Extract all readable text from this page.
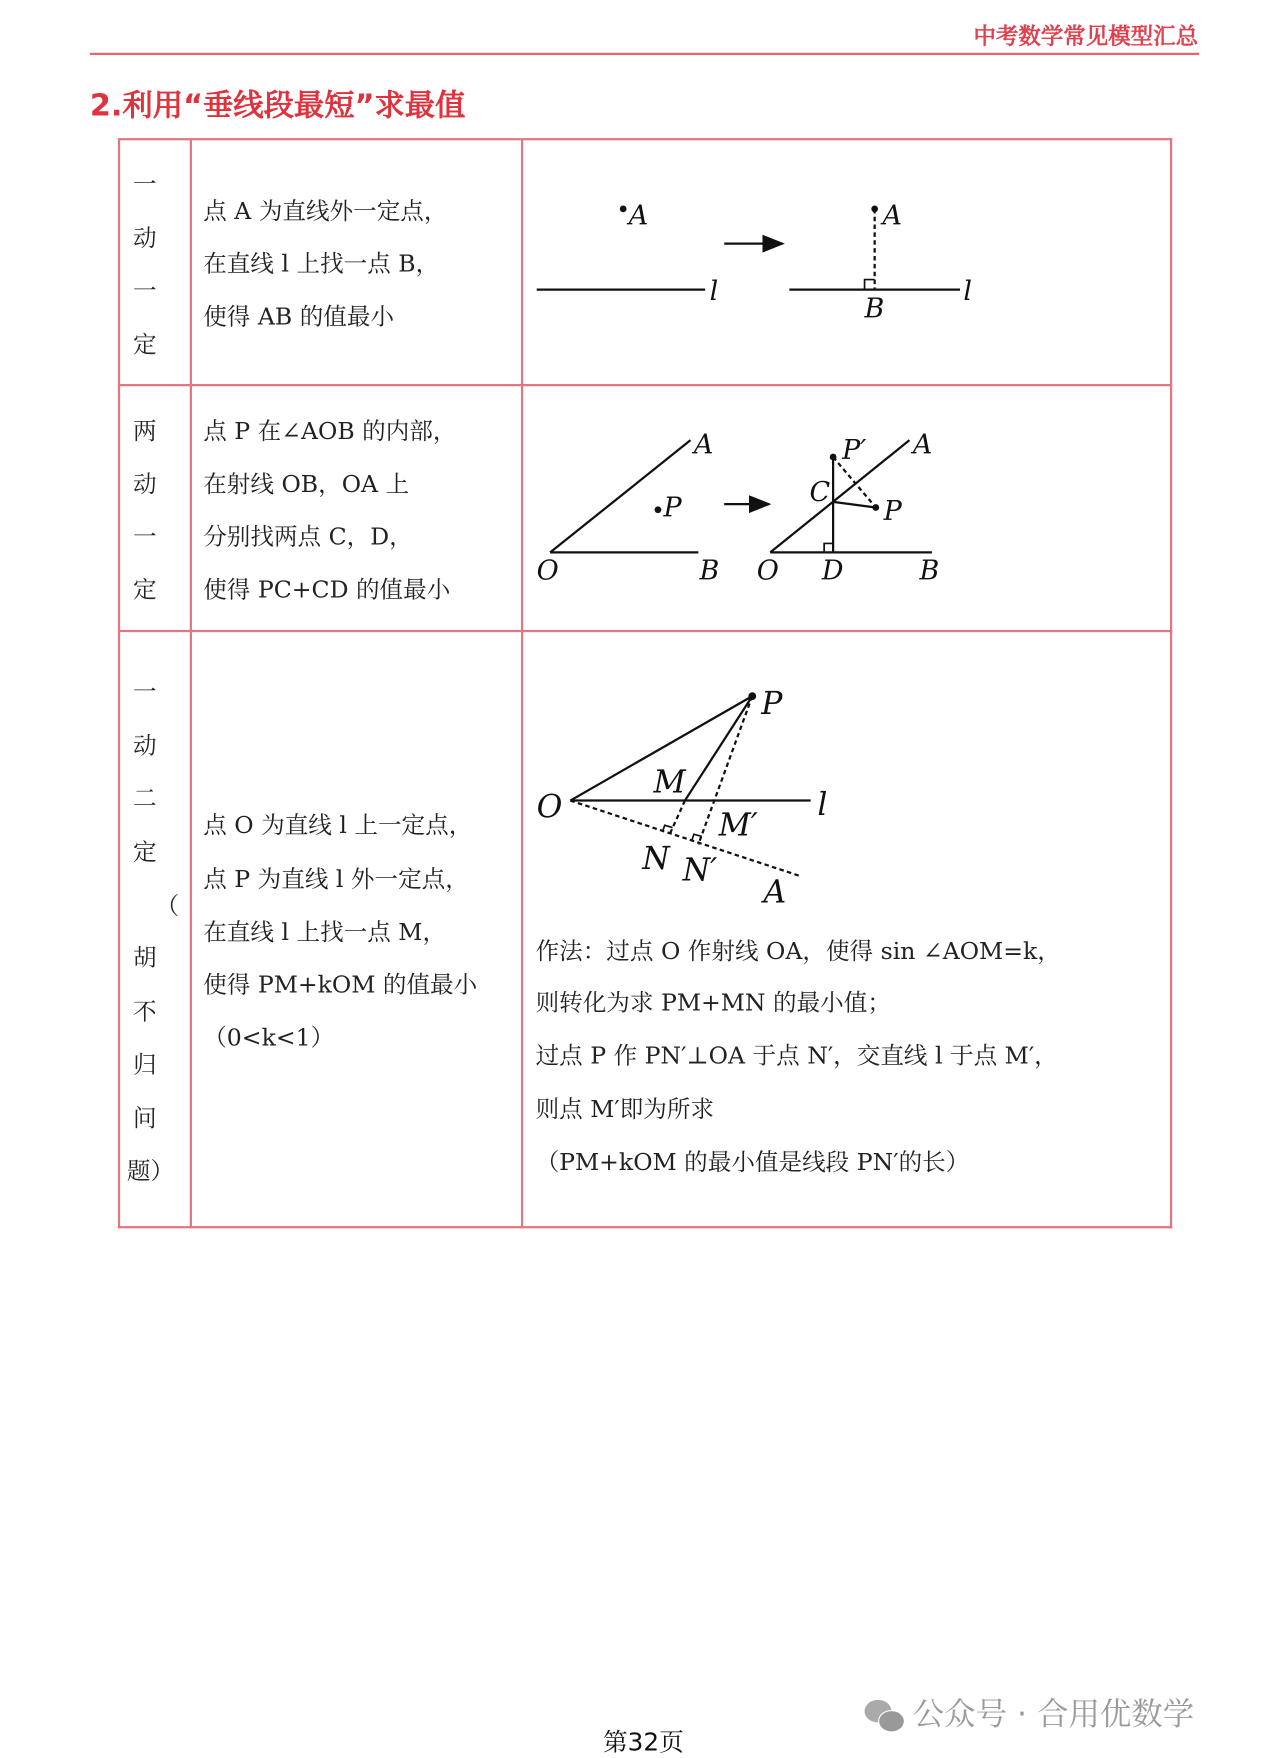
中考数学常见模型汇总
2.利用“垂线段最短”求最值
一
动
一
定
点 A 为直线外一定点，
在直线 l 上找一点 B，
使得 AB 的值最小
两
动
一
定
点 P 在∠AOB 的内部，
在射线 OB，OA 上
分别找两点 C，D，
使得 PC+CD 的值最小
一
动
二
定
（
胡
不
归
问
题）
点 O 为直线 l 上一定点，
点 P 为直线 l 外一定点，
在直线 l 上找一点 M，
使得 PM+kOM 的值最小
（0<k<1）
作法：过点 O 作射线 OA，使得 sin ∠AOM=k，
则转化为求 PM+MN 的最小值；
过点 P 作 PN′⊥OA 于点 N′，交直线 l 于点 M′，
则点 M′即为所求
（PM+kOM 的最小值是线段 PN′的长）
A
l
A
B
l
A
P
O	B
P′ A
C
P
O D	B
P
O
M
l
M′
N N′
A
公众号 · 合用优数学
第32页
